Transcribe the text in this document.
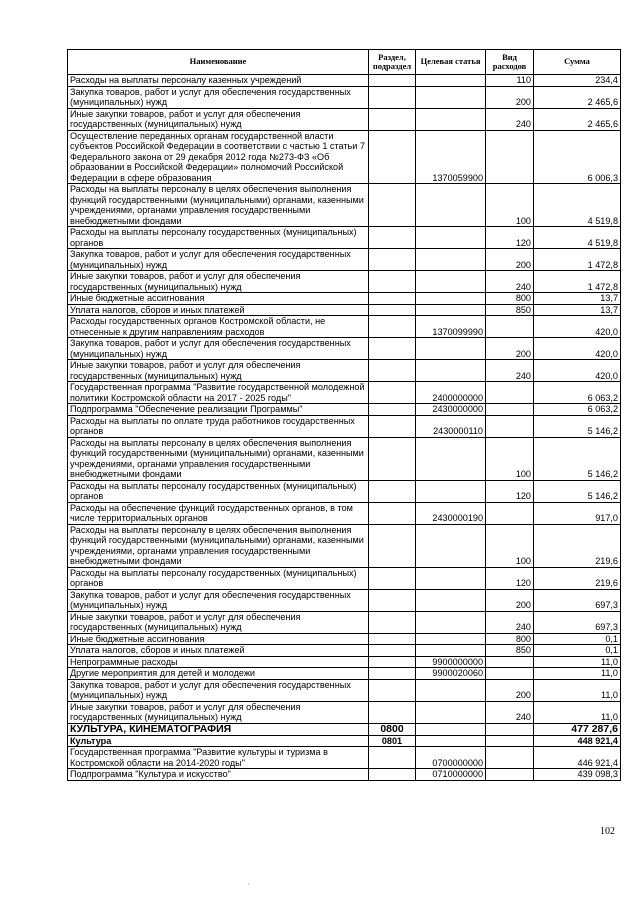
Наименование	Раздел, подраздел	Целевая статья	Вид расходов	Сумма
Расходы на выплаты персоналу казенных учреждений			110	234,4
Закупка товаров, работ и услуг для обеспечения государственных (муниципальных) нужд			200	2 465,6
Иные закупки товаров, работ и услуг для обеспечения государственных (муниципальных) нужд			240	2 465,6
Осуществление переданных органам государственной власти субъектов Российской Федерации в соответствии с частью 1 статьи 7 Федерального закона от 29 декабря 2012 года №273-ФЗ «Об образовании в Российской Федерации» полномочий Российской Федерации в сфере образования		1370059900		6 006,3
Расходы на выплаты персоналу в целях обеспечения выполнения функций государственными (муниципальными) органами, казенными учреждениями, органами управления государственными внебюджетными фондами			100	4 519,8
Расходы на выплаты персоналу государственных (муниципальных) органов			120	4 519,8
Закупка товаров, работ и услуг для обеспечения государственных (муниципальных) нужд			200	1 472,8
Иные закупки товаров, работ и услуг для обеспечения государственных (муниципальных) нужд			240	1 472,8
Иные бюджетные ассигнования			800	13,7
Уплата налогов, сборов и иных платежей			850	13,7
Расходы государственных органов Костромской области, не отнесенные к другим направлениям расходов		1370099990		420,0
Закупка товаров, работ и услуг для обеспечения государственных (муниципальных) нужд			200	420,0
Иные закупки товаров, работ и услуг для обеспечения государственных (муниципальных) нужд			240	420,0
Государственная программа "Развитие государственной молодежной политики Костромской области на 2017 - 2025 годы"		2400000000		6 063,2
Подпрограмма "Обеспечение реализации Программы"		2430000000		6 063,2
Расходы на выплаты по оплате труда работников государственных органов		2430000110		5 146,2
Расходы на выплаты персоналу в целях обеспечения выполнения функций государственными (муниципальными) органами, казенными учреждениями, органами управления государственными внебюджетными фондами			100	5 146,2
Расходы на выплаты персоналу государственных (муниципальных) органов			120	5 146,2
Расходы на обеспечение функций государственных органов, в том числе территориальных органов		2430000190		917,0
Расходы на выплаты персоналу в целях обеспечения выполнения функций государственными (муниципальными) органами, казенными учреждениями, органами управления государственными внебюджетными фондами			100	219,6
Расходы на выплаты персоналу государственных (муниципальных) органов			120	219,6
Закупка товаров, работ и услуг для обеспечения государственных (муниципальных) нужд			200	697,3
Иные закупки товаров, работ и услуг для обеспечения государственных (муниципальных) нужд			240	697,3
Иные бюджетные ассигнования			800	0,1
Уплата налогов, сборов и иных платежей			850	0,1
Непрограммные расходы		9900000000		11,0
Другие мероприятия для детей и молодежи		9900020060		11,0
Закупка товаров, работ и услуг для обеспечения государственных (муниципальных) нужд			200	11,0
Иные закупки товаров, работ и услуг для обеспечения государственных (муниципальных) нужд			240	11,0
КУЛЬТУРА, КИНЕМАТОГРАФИЯ	0800			477 287,6
Культура	0801			448 921,4
Государственная программа "Развитие культуры и туризма в Костромской области на 2014-2020 годы"		0700000000		446 921,4
Подпрограмма "Культура и искусство"		0710000000		439 098,3
102
,
